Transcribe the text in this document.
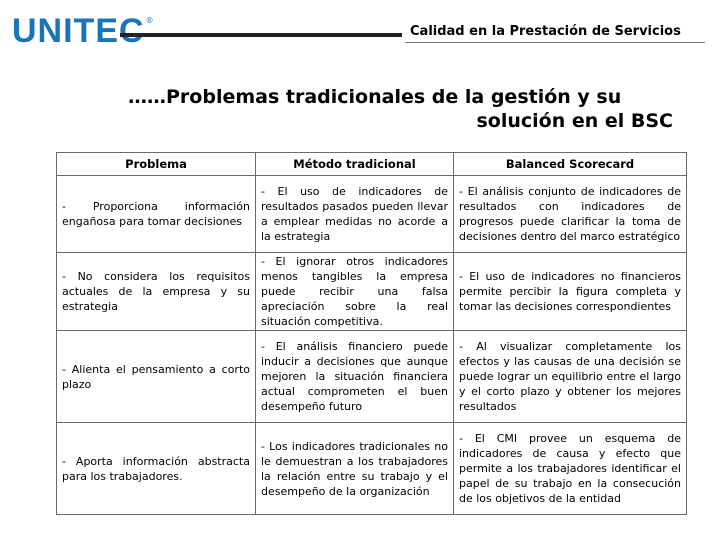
UNITEC ®
Calidad en la Prestación de Servicios
……Problemas tradicionales de la gestión y su
solución en el BSC
Problema	Método tradicional	Balanced Scorecard
- Proporciona información engañosa para tomar decisiones	- El uso de indicadores de resultados pasados pueden llevar a emplear medidas no acorde a la estrategia	- El análisis conjunto de indicadores de resultados con indicadores de progresos puede clarificar la toma de decisiones dentro del marco estratégico
- No considera los requisitos actuales de la empresa y su estrategia	- El ignorar otros indicadores menos tangibles la empresa puede recibir una falsa apreciación sobre la real situación competitiva.	- El uso de indicadores no financieros permite percibir la figura completa y tomar las decisiones correspondientes
- Alienta el pensamiento a corto plazo	- El análisis financiero puede inducir a decisiones que aunque mejoren la situación financiera actual comprometen el buen desempeño futuro	- Al visualizar completamente los efectos y las causas de una decisión se puede lograr un equilibrio entre el largo y el corto plazo y obtener los mejores resultados
- Aporta información abstracta para los trabajadores.	- Los indicadores tradicionales no le demuestran a los trabajadores la relación entre su trabajo y el desempeño de la organización	- El CMI provee un esquema de indicadores de causa y efecto que permite a los trabajadores identificar el papel de su trabajo en la consecución de los objetivos de la entidad
